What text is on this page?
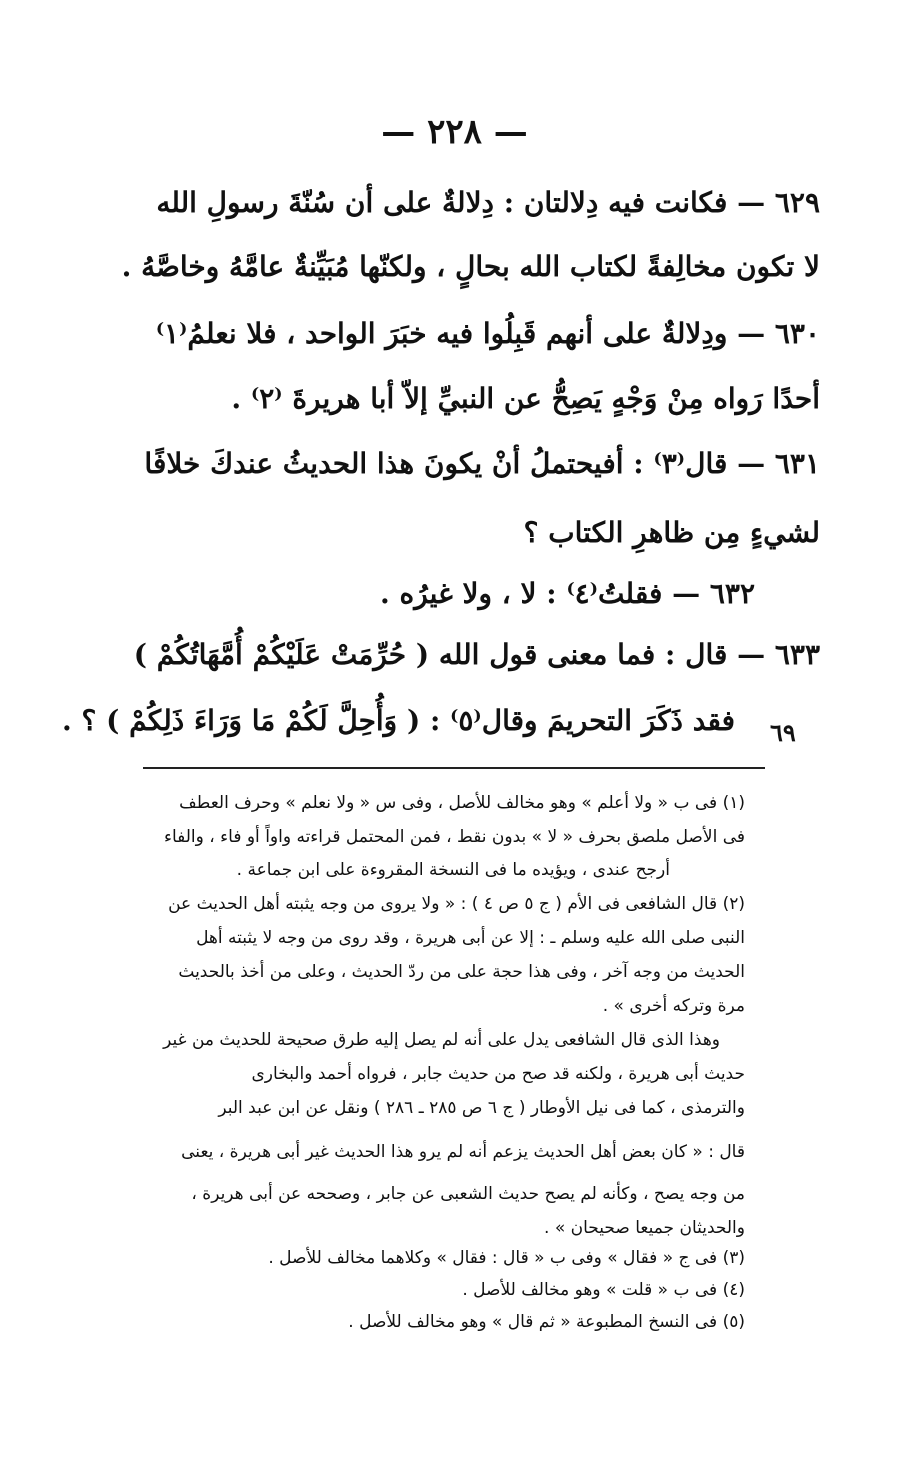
— ٢٢٨ —
٦٢٩ — فكانت فيه دِلالتان : دِلالةٌ على أن سُنّةَ رسولِ الله
لا تكون مخالِفةً لكتاب الله بحالٍ ، ولكنّها مُبَيِّنةٌ عامَّهُ وخاصَّهُ .
٦٣٠ — ودِلالةٌ على أنهم قَبِلُوا فيه خبَرَ الواحد ، فلا نعلمُ⁽١⁾
أحدًا رَواه مِنْ وَجْهٍ يَصِحُّ عن النبيِّ إلاّ أبا هريرةَ ⁽٢⁾ .
٦٣١ — قال⁽٣⁾ : أفيحتملُ أنْ يكونَ هذا الحديثُ عندكَ خلافًا
لشيءٍ مِن ظاهرِ الكتاب ؟
٦٣٢ — فقلتُ⁽٤⁾ : لا ، ولا غيرُه .
٦٣٣ — قال : فما معنى قول الله ( حُرِّمَتْ عَلَيْكُمْ أُمَّهَاتُكُمْ )
فقد ذَكَرَ التحريمَ وقال⁽٥⁾ : ( وَأُحِلَّ لَكُمْ مَا وَرَاءَ ذَلِكُمْ ) ؟ . ٦٩
(١) فى ب « ولا أعلم » وهو مخالف للأصل ، وفى س « ولا نعلم » وحرف العطف
فى الأصل ملصق بحرف « لا » بدون نقط ، فمن المحتمل قراءته واواً أو فاء ، والفاء
أرجح عندى ، ويؤيده ما فى النسخة المقروءة على ابن جماعة .
(٢) قال الشافعى فى الأم ( ج ٥ ص ٤ ) : « ولا يروى من وجه يثبته أهل الحديث عن
النبى صلى الله عليه وسلم ـ : إلا عن أبى هريرة ، وقد روى من وجه لا يثبته أهل
الحديث من وجه آخر ، وفى هذا حجة على من ردّ الحديث ، وعلى من أخذ بالحديث
مرة وتركه أخرى » .
وهذا الذى قال الشافعى يدل على أنه لم يصل إليه طرق صحيحة للحديث من غير
حديث أبى هريرة ، ولكنه قد صح من حديث جابر ، فرواه أحمد والبخارى
والترمذى ، كما فى نيل الأوطار ( ج ٦ ص ٢٨٥ ـ ٢٨٦ ) ونقل عن ابن عبد البر
قال : « كان بعض أهل الحديث يزعم أنه لم يرو هذا الحديث غير أبى هريرة ، يعنى
من وجه يصح ، وكأنه لم يصح حديث الشعبى عن جابر ، وصححه عن أبى هريرة ،
والحديثان جميعا صحيحان » .
(٣) فى ج « فقال » وفى ب « قال : فقال » وكلاهما مخالف للأصل .
(٤) فى ب « قلت » وهو مخالف للأصل .
(٥) فى النسخ المطبوعة « ثم قال » وهو مخالف للأصل .
